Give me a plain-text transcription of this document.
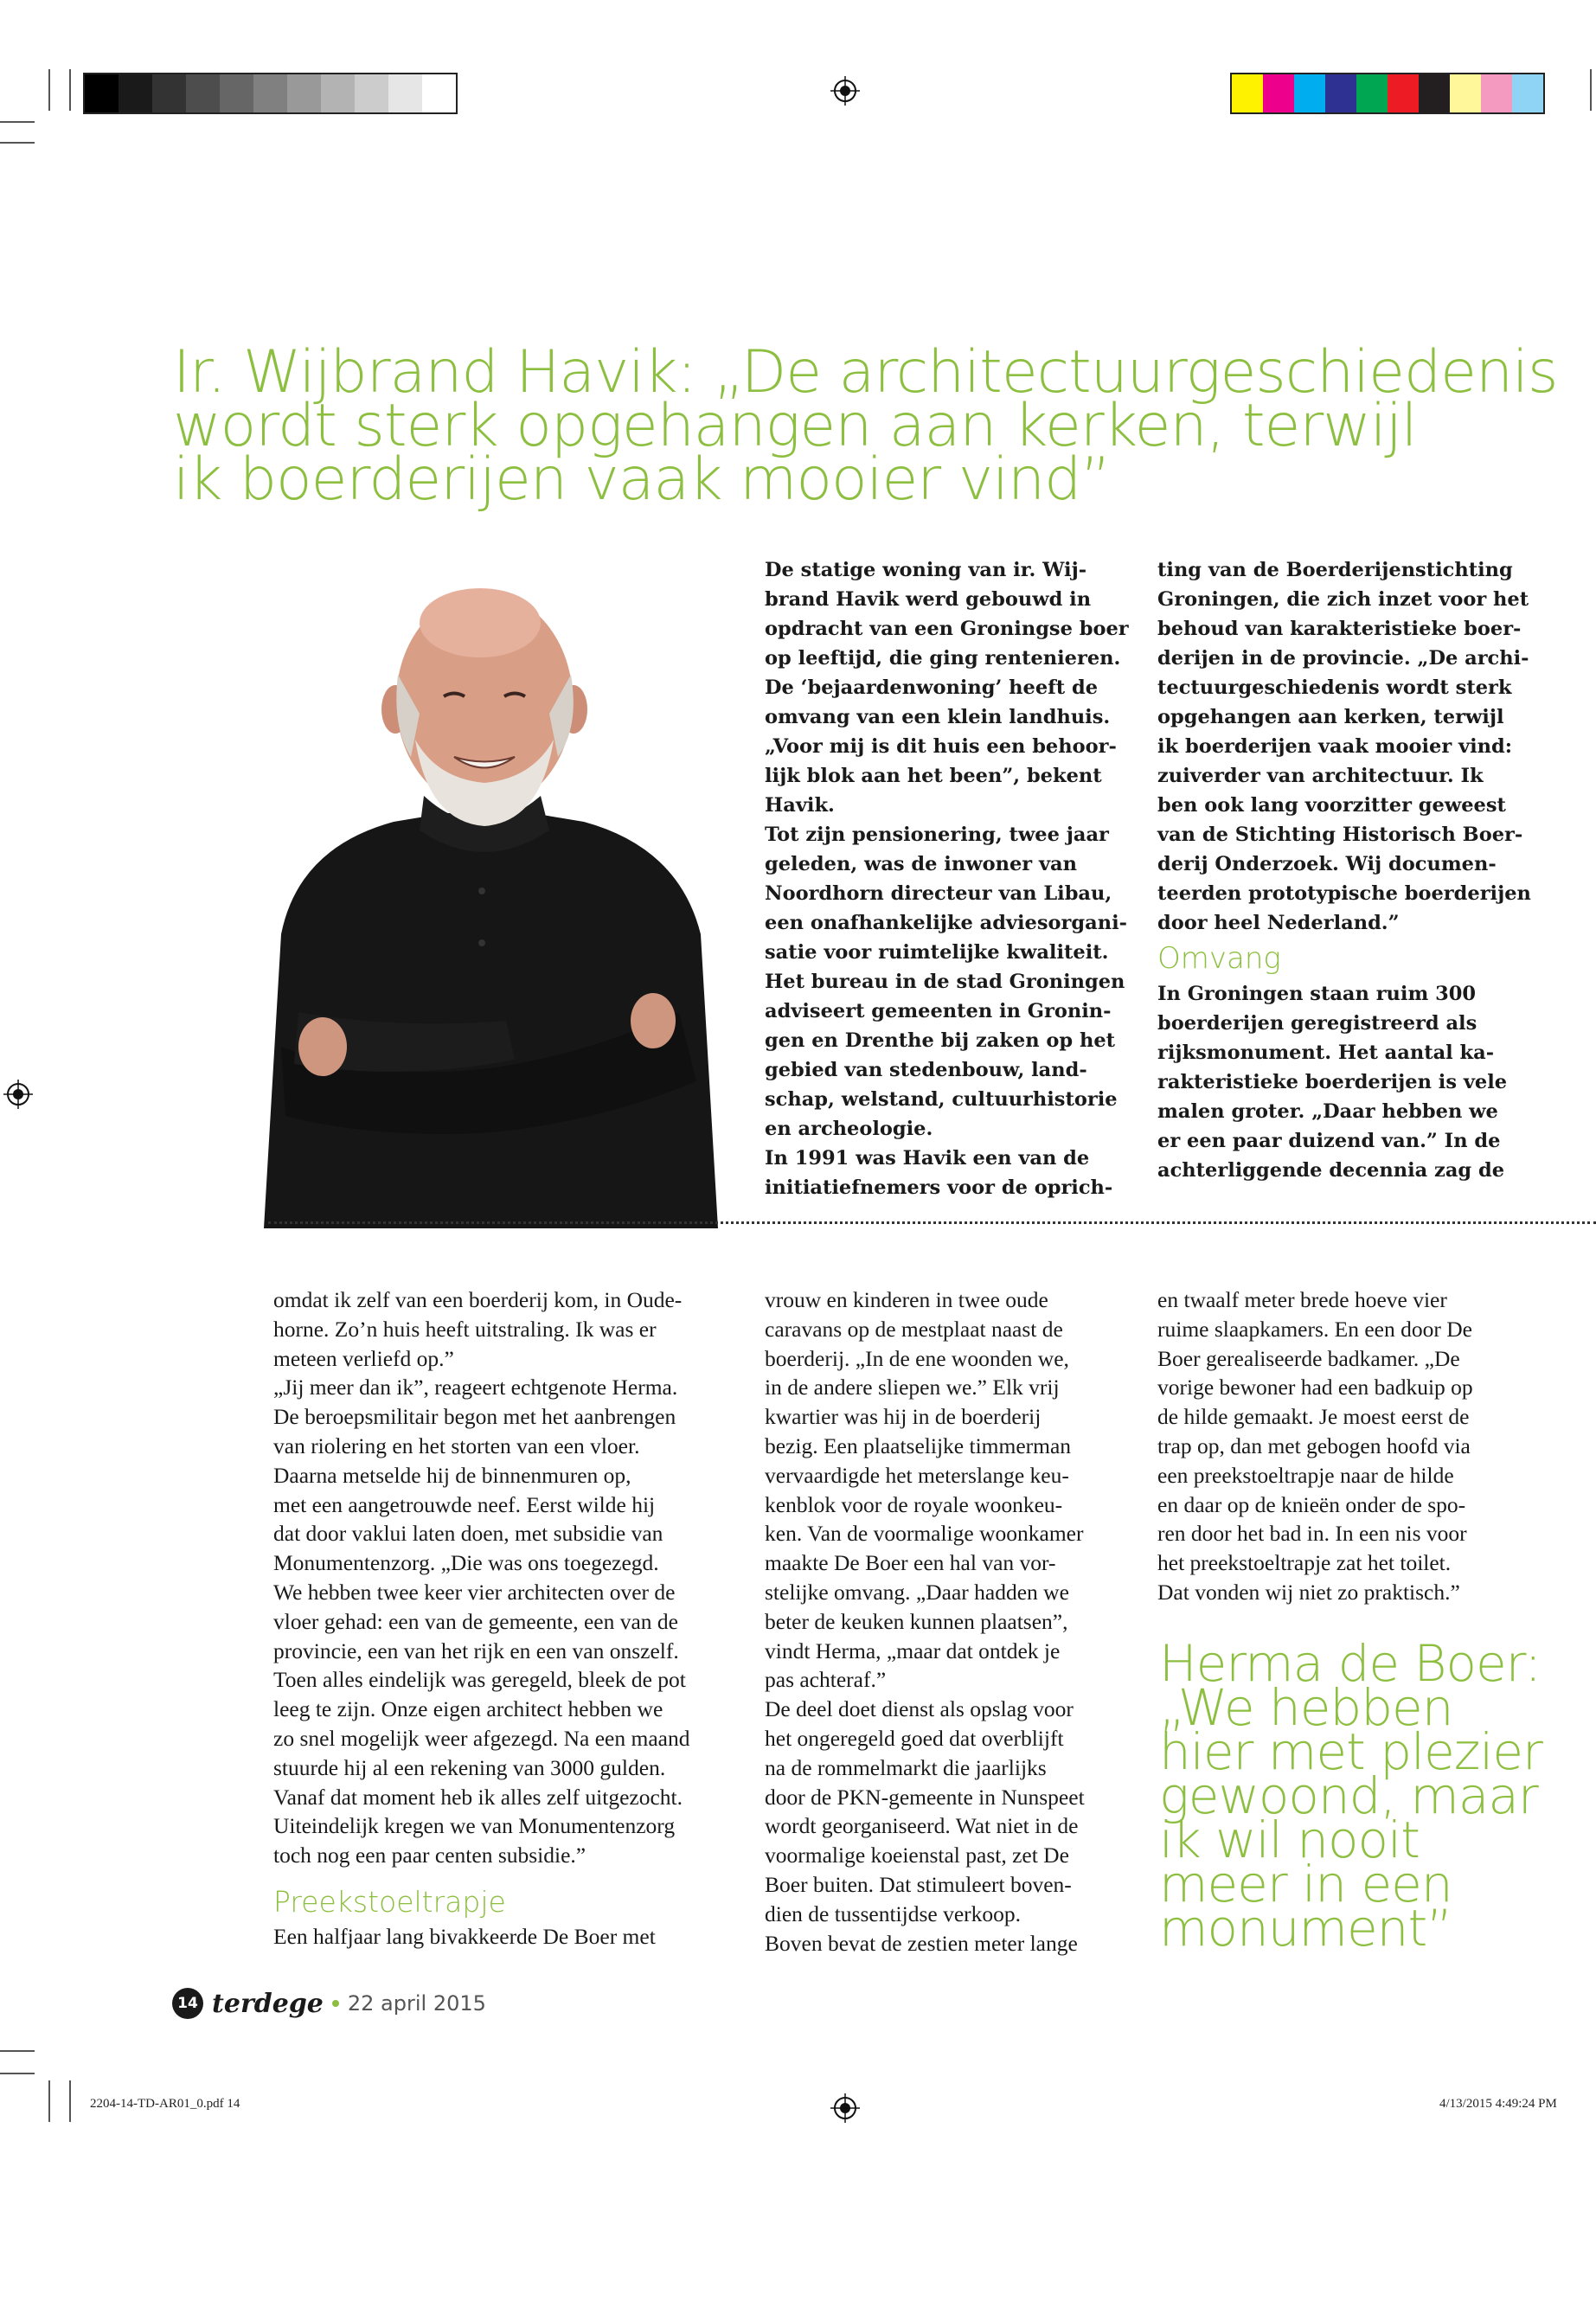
Ir. Wijbrand Havik: „De architectuurgeschiedenis
wordt sterk opgehangen aan kerken, terwijl
ik boerderijen vaak mooier vind”

De statige woning van ir. Wij-

brand Havik werd gebouwd in

opdracht van een Groningse boer

op leeftijd, die ging rentenieren.

De ‘bejaardenwoning’ heeft de

omvang van een klein landhuis.

„Voor mij is dit huis een behoor-

lijk blok aan het been”, bekent

Havik.

Tot zijn pensionering, twee jaar

geleden, was de inwoner van

Noordhorn directeur van Libau,

een onafhankelijke adviesorgani-

satie voor ruimtelijke kwaliteit.

Het bureau in de stad Groningen

adviseert gemeenten in Gronin-

gen en Drenthe bij zaken op het

gebied van stedenbouw, land-

schap, welstand, cultuurhistorie

en archeologie.

In 1991 was Havik een van de

initiatiefnemers voor de oprich-

ting van de Boerderijenstichting

Groningen, die zich inzet voor het

behoud van karakteristieke boer-

derijen in de provincie. „De archi-

tectuurgeschiedenis wordt sterk

opgehangen aan kerken, terwijl

ik boerderijen vaak mooier vind:

zuiverder van architectuur. Ik

ben ook lang voorzitter geweest

van de Stichting Historisch Boer-

derij Onderzoek. Wij documen-

teerden prototypische boerderijen

door heel Nederland.”

Omvang

In Groningen staan ruim 300

boerderijen geregistreerd als

rijksmonument. Het aantal ka-

rakteristieke boerderijen is vele

malen groter. „Daar hebben we

er een paar duizend van.” In de

achterliggende decennia zag de

omdat ik zelf van een boerderij kom, in Oude-

horne. Zo’n huis heeft uitstraling. Ik was er

meteen verliefd op.”

„Jij meer dan ik”, reageert echtgenote Herma.

De beroepsmilitair begon met het aanbrengen

van riolering en het storten van een vloer.

Daarna metselde hij de binnenmuren op,

met een aangetrouwde neef. Eerst wilde hij

dat door vaklui laten doen, met subsidie van

Monumentenzorg. „Die was ons toegezegd.

We hebben twee keer vier architecten over de

vloer gehad: een van de gemeente, een van de

provincie, een van het rijk en een van onszelf.

Toen alles eindelijk was geregeld, bleek de pot

leeg te zijn. Onze eigen architect hebben we

zo snel mogelijk weer afgezegd. Na een maand

stuurde hij al een rekening van 3000 gulden.

Vanaf dat moment heb ik alles zelf uitgezocht.

Uiteindelijk kregen we van Monumentenzorg

toch nog een paar centen subsidie.”

Preekstoeltrapje

Een halfjaar lang bivakkeerde De Boer met

vrouw en kinderen in twee oude

caravans op de mestplaat naast de

boerderij. „In de ene woonden we,

in de andere sliepen we.” Elk vrij

kwartier was hij in de boerderij

bezig. Een plaatselijke timmerman

vervaardigde het meterslange keu-

kenblok voor de royale woonkeu-

ken. Van de voormalige woonkamer

maakte De Boer een hal van vor-

stelijke omvang. „Daar hadden we

beter de keuken kunnen plaatsen”,

vindt Herma, „maar dat ontdek je

pas achteraf.”

De deel doet dienst als opslag voor

het ongeregeld goed dat overblijft

na de rommelmarkt die jaarlijks

door de PKN-gemeente in Nunspeet

wordt georganiseerd. Wat niet in de

voormalige koeienstal past, zet De

Boer buiten. Dat stimuleert boven-

dien de tussentijdse verkoop.

Boven bevat de zestien meter lange

en twaalf meter brede hoeve vier

ruime slaapkamers. En een door De

Boer gerealiseerde badkamer. „De

vorige bewoner had een badkuip op

de hilde gemaakt. Je moest eerst de

trap op, dan met gebogen hoofd via

een preekstoeltrapje naar de hilde

en daar op de knieën onder de spo-

ren door het bad in. In een nis voor

het preekstoeltrapje zat het toilet.

Dat vonden wij niet zo praktisch.”

Herma de Boer:
„We hebben
hier met plezier
gewoond, maar
ik wil nooit
meer in een
monument”
14 terdege 22 april 2015
2204-14-TD-AR01_0.pdf 14	4/13/2015 4:49:24 PM
